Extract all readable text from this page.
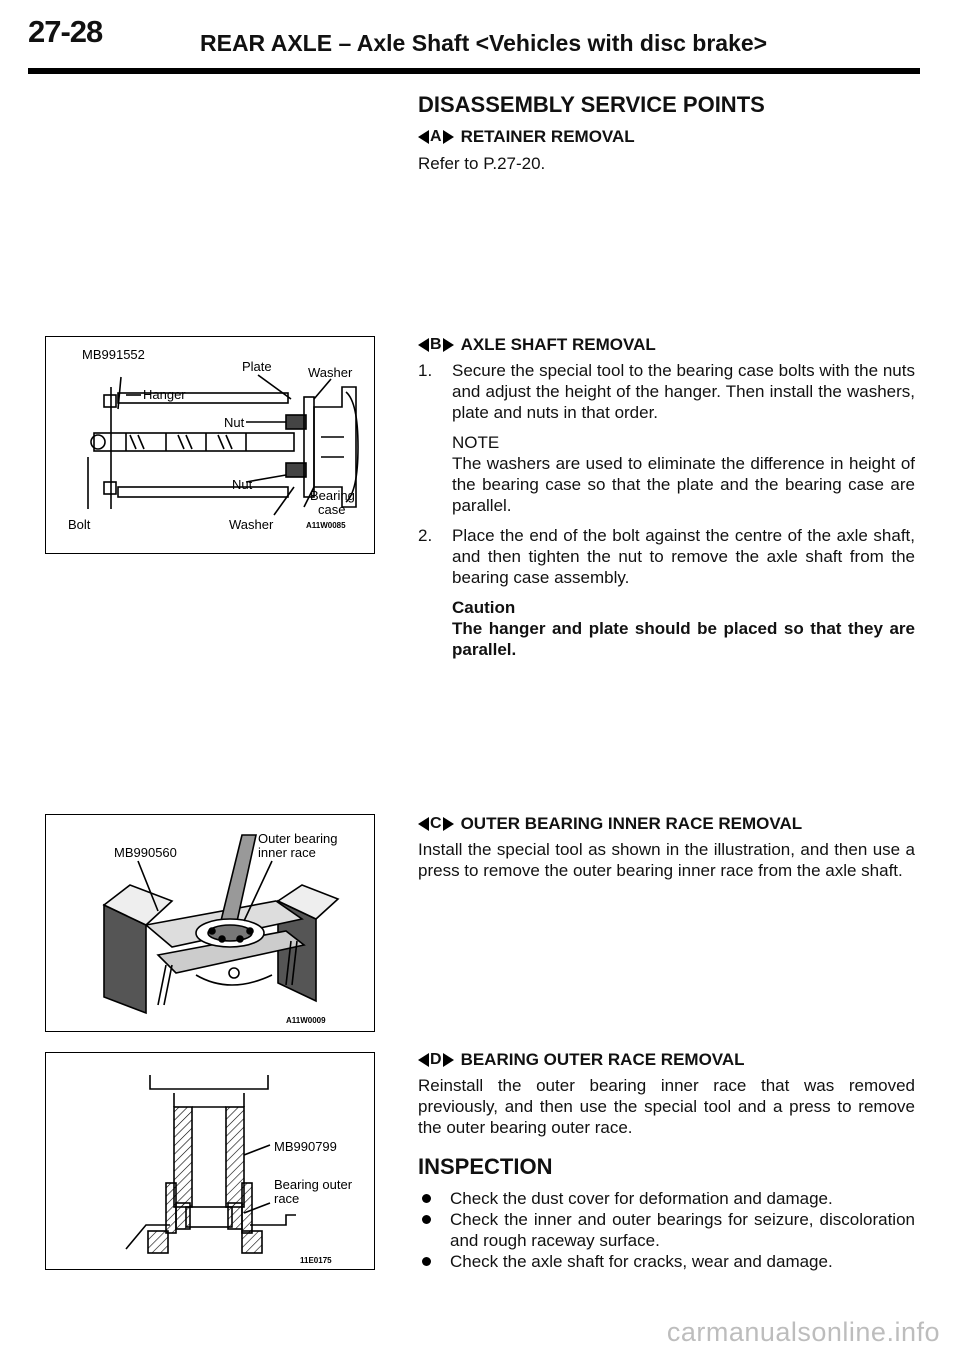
27-28	REAR AXLE – Axle Shaft <Vehicles with disc brake>
DISASSEMBLY SERVICE POINTS
A RETAINER REMOVAL

Refer to P.27-20.

B AXLE SHAFT REMOVAL
1.	Secure the special tool to the bearing case bolts with the nuts and adjust the height of the hanger. Then install the washers, plate and nuts in that order.

NOTE

The washers are used to eliminate the difference in height of the bearing case so that the plate and the bearing case are parallel.

2.	Place the end of the bolt against the centre of the axle shaft, and then tighten the nut to remove the axle shaft from the bearing case assembly.

Caution

The hanger and plate should be placed so that they are parallel.

C OUTER BEARING INNER RACE REMOVAL

Install the special tool as shown in the illustration, and then use a press to remove the outer bearing inner race from the axle shaft.

D BEARING OUTER RACE REMOVAL

Reinstall the outer bearing inner race that was removed previously, and then use the special tool and a press to remove the outer bearing outer race.

INSPECTION
Check the dust cover for deformation and damage.
Check the inner and outer bearings for seizure, discoloration and rough raceway surface.
Check the axle shaft for cracks, wear and damage.
MB991552
Plate	Washer
Hanger
Nut
Nut
Bearing
case
Bolt	Washer	A11W0085
MB990560
Outer bearing
inner race
A11W0009
MB990799
Bearing outer
race
11E0175
carmanualsonline.info
